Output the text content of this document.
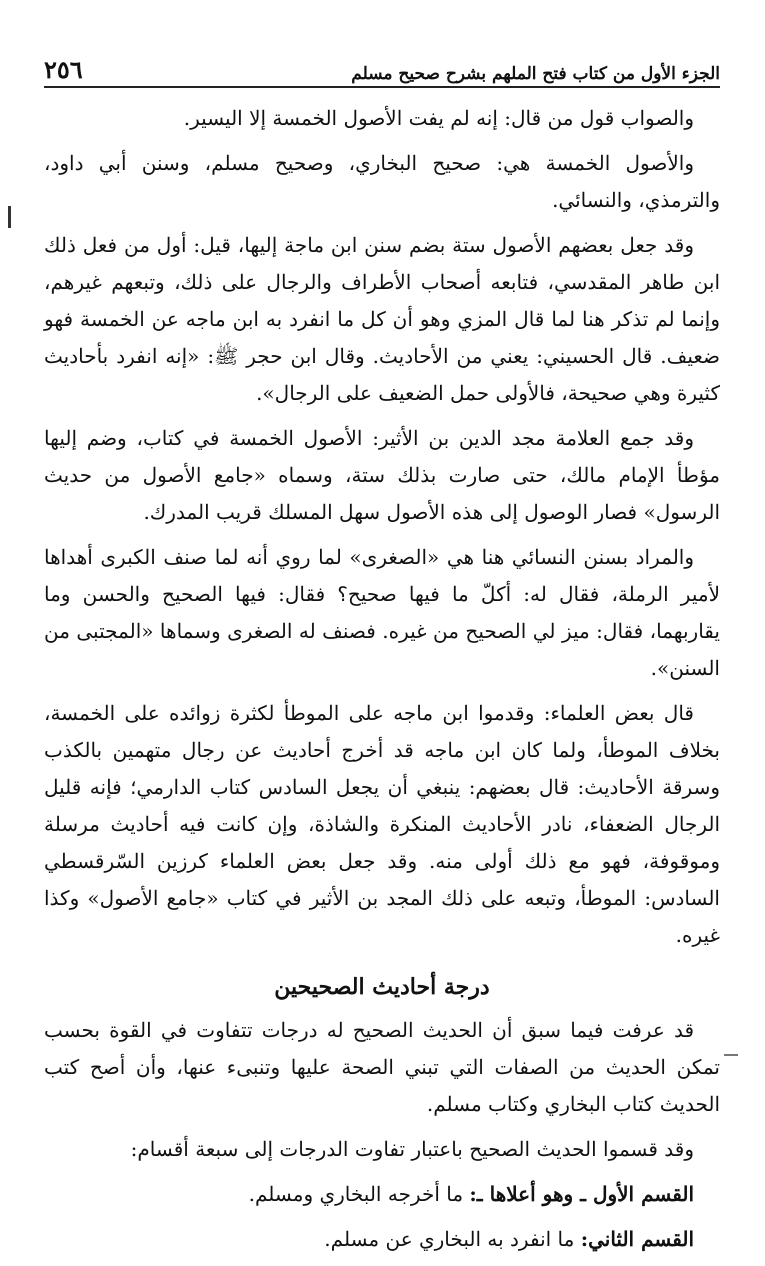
الجزء الأول من كتاب فتح الملهم بشرح صحيح مسلم
٢٥٦

والصواب قول من قال: إنه لم يفت الأصول الخمسة إلا اليسير.

والأصول الخمسة هي: صحيح البخاري، وصحيح مسلم، وسنن أبي داود، والترمذي، والنسائي.

وقد جعل بعضهم الأصول ستة بضم سنن ابن ماجة إليها، قيل: أول من فعل ذلك ابن طاهر المقدسي، فتابعه أصحاب الأطراف والرجال على ذلك، وتبعهم غيرهم، وإنما لم تذكر هنا لما قال المزي وهو أن كل ما انفرد به ابن ماجه عن الخمسة فهو ضعيف. قال الحسيني: يعني من الأحاديث. وقال ابن حجر ﷺ: «إنه انفرد بأحاديث كثيرة وهي صحيحة، فالأولى حمل الضعيف على الرجال».

وقد جمع العلامة مجد الدين بن الأثير: الأصول الخمسة في كتاب، وضم إليها مؤطأ الإمام مالك، حتى صارت بذلك ستة، وسماه «جامع الأصول من حديث الرسول» فصار الوصول إلى هذه الأصول سهل المسلك قريب المدرك.

والمراد بسنن النسائي هنا هي «الصغرى» لما روي أنه لما صنف الكبرى أهداها لأمير الرملة، فقال له: أكلّ ما فيها صحيح؟ فقال: فيها الصحيح والحسن وما يقاربهما، فقال: ميز لي الصحيح من غيره. فصنف له الصغرى وسماها «المجتبى من السنن».

قال بعض العلماء: وقدموا ابن ماجه على الموطأ لكثرة زوائده على الخمسة، بخلاف الموطأ، ولما كان ابن ماجه قد أخرج أحاديث عن رجال متهمين بالكذب وسرقة الأحاديث: قال بعضهم: ينبغي أن يجعل السادس كتاب الدارمي؛ فإنه قليل الرجال الضعفاء، نادر الأحاديث المنكرة والشاذة، وإن كانت فيه أحاديث مرسلة وموقوفة، فهو مع ذلك أولى منه. وقد جعل بعض العلماء كرزين السّرقسطي السادس: الموطأ، وتبعه على ذلك المجد بن الأثير في كتاب «جامع الأصول» وكذا غيره.

درجة أحاديث الصحيحين

قد عرفت فيما سبق أن الحديث الصحيح له درجات تتفاوت في القوة بحسب تمكن الحديث من الصفات التي تبني الصحة عليها وتنبىء عنها، وأن أصح كتب الحديث كتاب البخاري وكتاب مسلم.

وقد قسموا الحديث الصحيح باعتبار تفاوت الدرجات إلى سبعة أقسام:

القسم الأول ـ وهو أعلاها ـ: ما أخرجه البخاري ومسلم.

القسم الثاني: ما انفرد به البخاري عن مسلم.
